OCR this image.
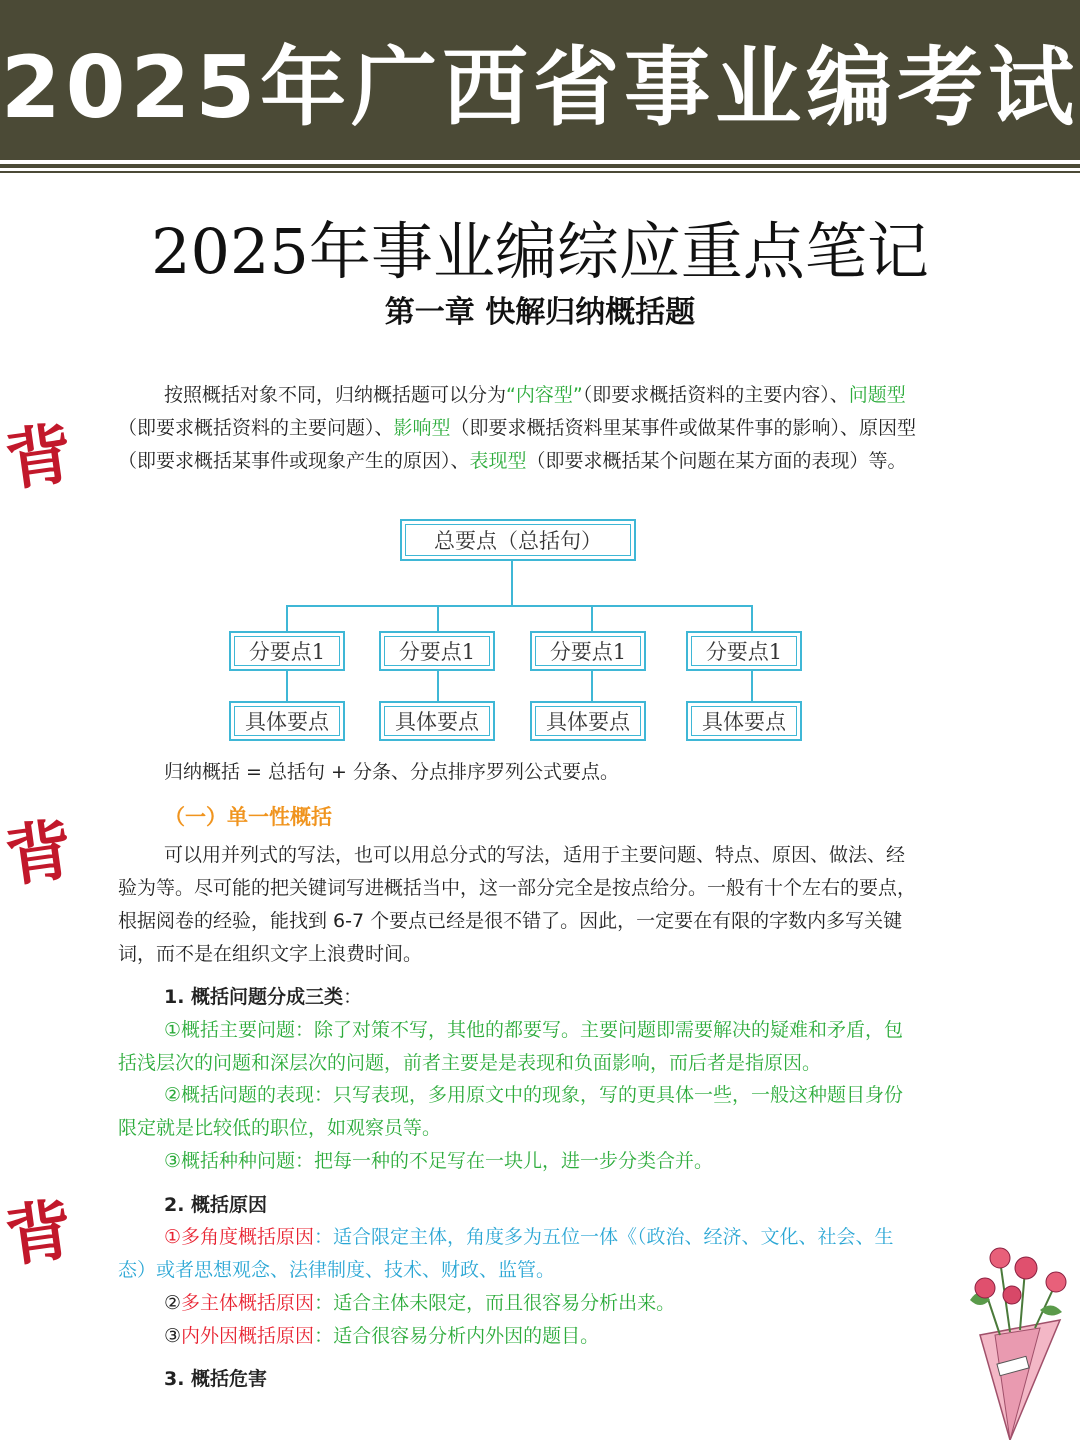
2025年广西省事业编考试
2025年事业编综应重点笔记
第一章 快解归纳概括题
背
背
背
按照概括对象不同，归纳概括题可以分为“内容型”（即要求概括资料的主要内容）、问题型（即要求概括资料的主要问题）、影响型（即要求概括资料里某事件或做某件事的影响）、原因型（即要求概括某事件或现象产生的原因）、表现型（即要求概括某个问题在某方面的表现）等。
总要点（总括句）
分要点1	分要点1	分要点1	分要点1
具体要点	具体要点	具体要点	具体要点
归纳概括 = 总括句 + 分条、分点排序罗列公式要点。
（一）单一性概括
可以用并列式的写法，也可以用总分式的写法，适用于主要问题、特点、原因、做法、经验为等。尽可能的把关键词写进概括当中，这一部分完全是按点给分。一般有十个左右的要点，根据阅卷的经验，能找到 6-7 个要点已经是很不错了。因此，一定要在有限的字数内多写关键词，而不是在组织文字上浪费时间。
1. 概括问题分成三类：
①概括主要问题：除了对策不写，其他的都要写。主要问题即需要解决的疑难和矛盾，包括浅层次的问题和深层次的问题，前者主要是是表现和负面影响，而后者是指原因。
②概括问题的表现：只写表现，多用原文中的现象，写的更具体一些，一般这种题目身份限定就是比较低的职位，如观察员等。
③概括种种问题：把每一种的不足写在一块儿，进一步分类合并。
2. 概括原因
①多角度概括原因：适合限定主体，角度多为五位一体《（政治、经济、文化、社会、生态）或者思想观念、法律制度、技术、财政、监管。
②多主体概括原因：适合主体未限定，而且很容易分析出来。
③内外因概括原因：适合很容易分析内外因的题目。
3. 概括危害
